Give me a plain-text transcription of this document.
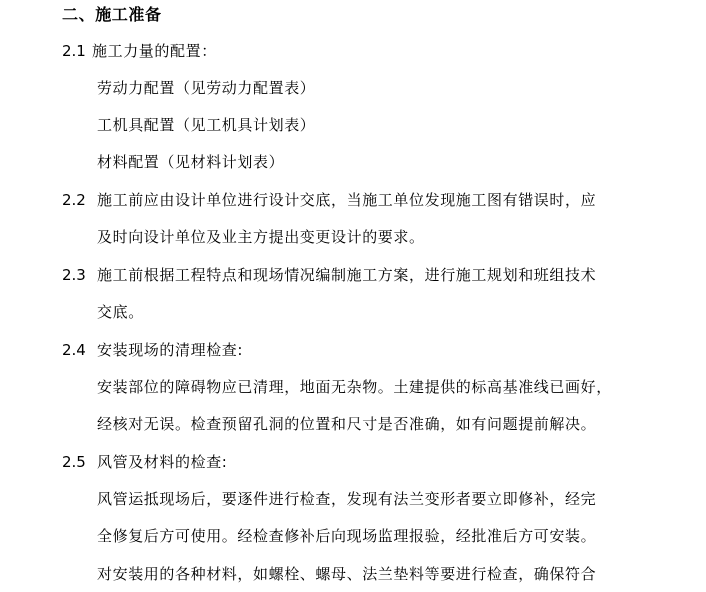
二、施工准备
2.1 施工力量的配置：
劳动力配置（见劳动力配置表）
工机具配置（见工机具计划表）
材料配置（见材料计划表）
2.2 施工前应由设计单位进行设计交底，当施工单位发现施工图有错误时，应
及时向设计单位及业主方提出变更设计的要求。
2.3 施工前根据工程特点和现场情况编制施工方案，进行施工规划和班组技术
交底。
2.4 安装现场的清理检查:
安装部位的障碍物应已清理，地面无杂物。土建提供的标高基准线已画好，
经核对无误。检查预留孔洞的位置和尺寸是否准确，如有问题提前解决。
2.5 风管及材料的检查:
风管运抵现场后，要逐件进行检查，发现有法兰变形者要立即修补，经完
全修复后方可使用。经检查修补后向现场监理报验，经批准后方可安装。
对安装用的各种材料，如螺栓、螺母、法兰垫料等要进行检查，确保符合
